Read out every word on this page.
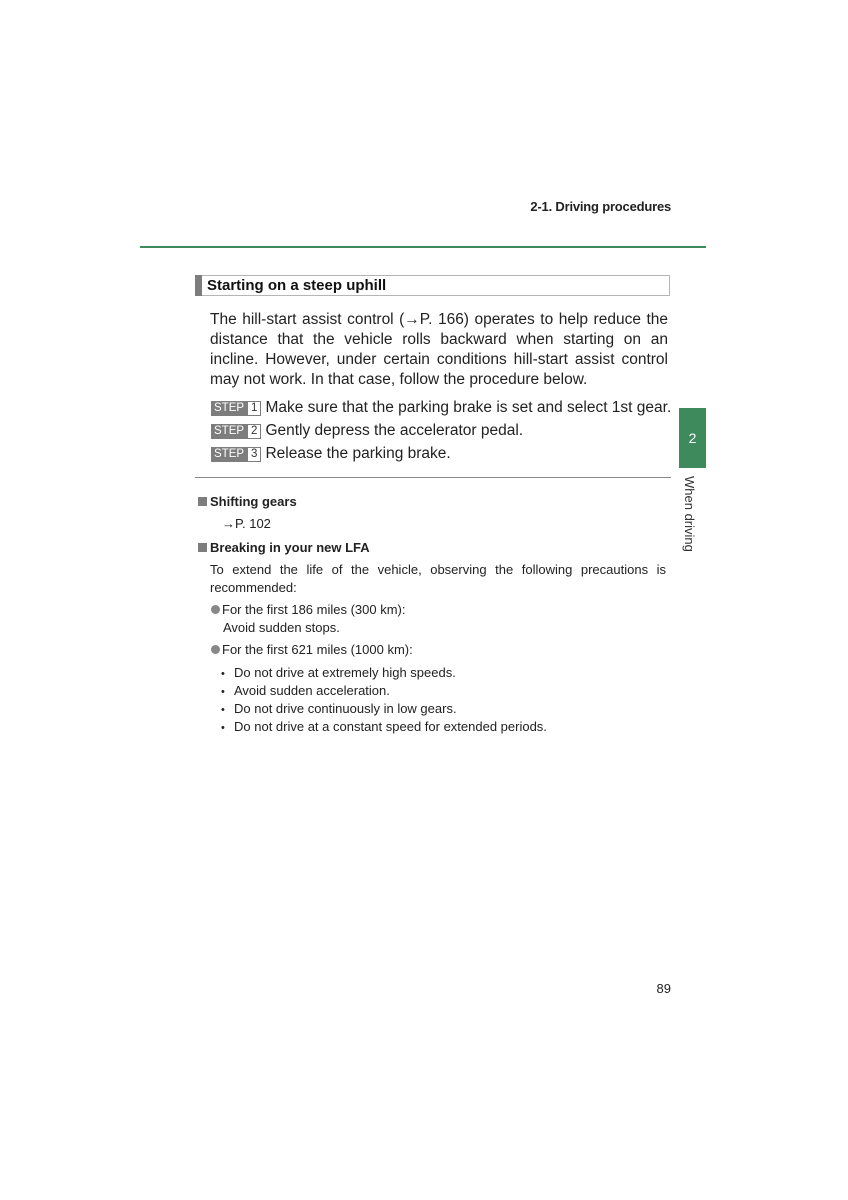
2-1. Driving procedures
2
When driving
Starting on a steep uphill
The hill-start assist control (→P. 166) operates to help reduce the distance that the vehicle rolls backward when starting on an incline. However, under certain conditions hill-start assist control may not work. In that case, follow the procedure below.
STEP 1 Make sure that the parking brake is set and select 1st gear.
STEP 2 Gently depress the accelerator pedal.
STEP 3 Release the parking brake.
Shifting gears
→P. 102
Breaking in your new LFA
To extend the life of the vehicle, observing the following precautions is recommended:
For the first 186 miles (300 km):
Avoid sudden stops.
For the first 621 miles (1000 km):
• Do not drive at extremely high speeds.
• Avoid sudden acceleration.
• Do not drive continuously in low gears.
• Do not drive at a constant speed for extended periods.
89
